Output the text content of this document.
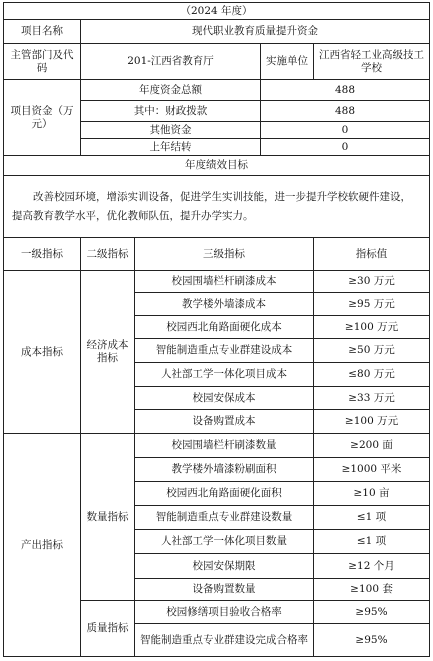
（2024 年度）				
项目名称	现代职业教育质量提升资金			
主管部门及代码	201-江西省教育厅		实施单位	江西省轻工业高级技工学校
项目资金（万元）	年度资金总额		488	
	其中：财政拨款		488	
	其他资金		0	
	上年结转		0	
年度绩效目标				
改善校园环境，增添实训设备，促进学生实训技能，进一步提升学校软硬件建设，提高教育教学水平，优化教师队伍，提升办学实力。				
一级指标	二级指标	三级指标		指标值
成本指标	经济成本指标	校园围墙栏杆刷漆成本		≥30 万元
		教学楼外墙漆成本		≥95 万元
		校园西北角路面硬化成本		≥100 万元
		智能制造重点专业群建设成本		≥50 万元
		人社部工学一体化项目成本		≤80 万元
		校园安保成本		≥33 万元
		设备购置成本		≥100 万元
产出指标	数量指标	校园围墙栏杆刷漆数量		≥200 面
		教学楼外墙漆粉刷面积		≥1000 平米
		校园西北角路面硬化面积		≥10 亩
		智能制造重点专业群建设数量		≤1 项
		人社部工学一体化项目数量		≤1 项
		校园安保期限		≥12 个月
		设备购置数量		≥100 套
	质量指标	校园修缮项目验收合格率		≥95%
		智能制造重点专业群建设完成合格率		≥95%
